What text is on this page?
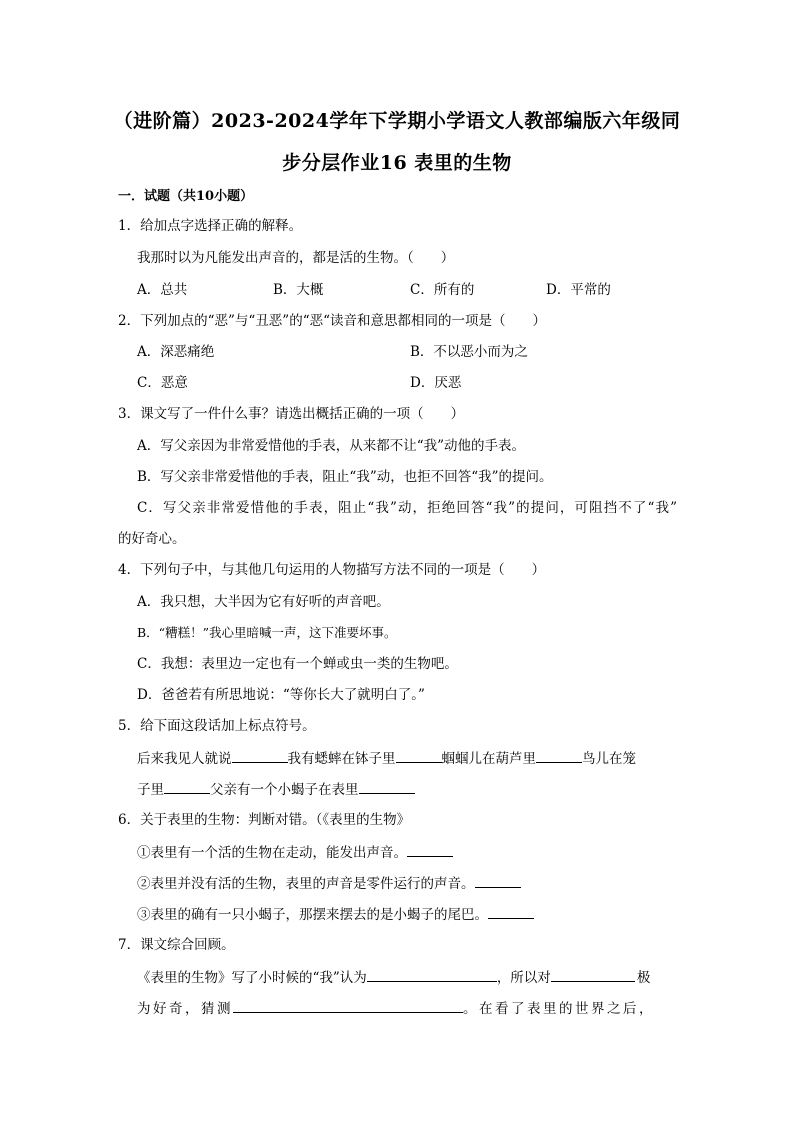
（进阶篇）2023-2024学年下学期小学语文人教部编版六年级同
步分层作业16 表里的生物
一．试题（共10小题）
1．给加点字选择正确的解释。
我那时以为凡能发出声音的，都是活的生物。（　　）
A．总共	B．大概	C．所有的	D．平常的
2．下列加点的“恶”与“丑恶”的“恶“读音和意思都相同的一项是（　　）
A．深恶痛绝	B．不以恶小而为之
C．恶意	D．厌恶
3．课文写了一件什么事？请选出概括正确的一项（　　）
A．写父亲因为非常爱惜他的手表，从来都不让“我”动他的手表。
B．写父亲非常爱惜他的手表，阻止“我”动，也拒不回答“我”的提问。
C．写父亲非常爱惜他的手表，阻止“我”动，拒绝回答“我”的提问，可阻挡不了“我”
的好奇心。
4．下列句子中，与其他几句运用的人物描写方法不同的一项是（　　）
A．我只想，大半因为它有好听的声音吧。
B．“糟糕！”我心里暗喊一声，这下准要坏事。
C．我想：表里边一定也有一个蝉或虫一类的生物吧。
D．爸爸若有所思地说：“等你长大了就明白了。”
5．给下面这段话加上标点符号。
后来我见人就说	我有蟋蟀在钵子里	蝈蝈儿在葫芦里	鸟儿在笼
子里	父亲有一个小蝎子在表里
6．关于表里的生物：判断对错。（《表里的生物》
①表里有一个活的生物在走动，能发出声音。
②表里并没有活的生物，表里的声音是零件运行的声音。
③表里的确有一只小蝎子，那摆来摆去的是小蝎子的尾巴。
7．课文综合回顾。
《表里的生物》写了小时候的“我”认为	，所以对	极
为好奇，猜测	。在看了表里的世界之后，
